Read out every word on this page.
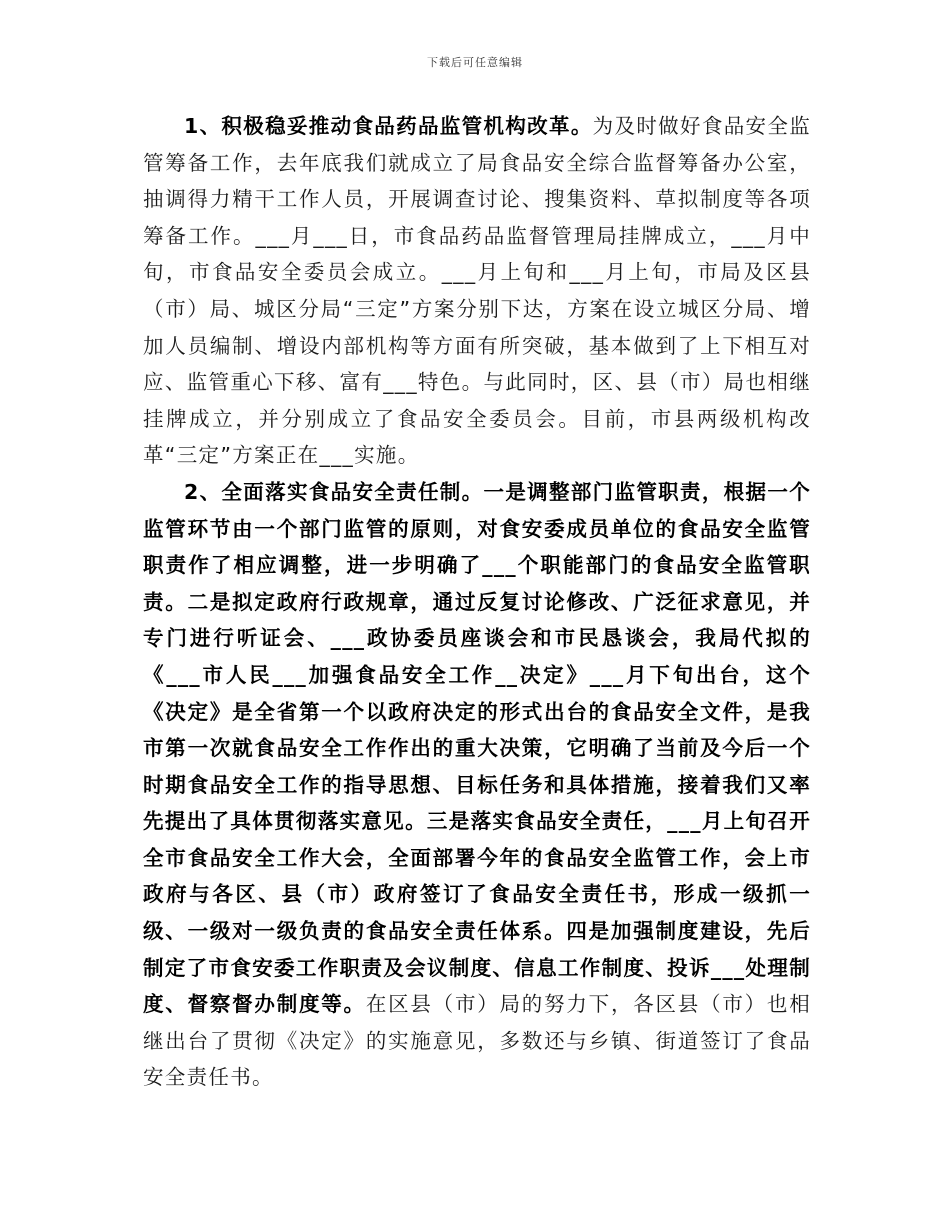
下载后可任意编辑

1、积极稳妥推动食品药品监管机构改革。为及时做好食品安全监管筹备工作，去年底我们就成立了局食品安全综合监督筹备办公室，抽调得力精干工作人员，开展调查讨论、搜集资料、草拟制度等各项筹备工作。___月___日，市食品药品监督管理局挂牌成立，___月中旬，市食品安全委员会成立。___月上旬和___月上旬，市局及区县（市）局、城区分局“三定”方案分别下达，方案在设立城区分局、增加人员编制、增设内部机构等方面有所突破，基本做到了上下相互对应、监管重心下移、富有___特色。与此同时，区、县（市）局也相继挂牌成立，并分别成立了食品安全委员会。目前，市县两级机构改革“三定”方案正在___实施。

2、全面落实食品安全责任制。一是调整部门监管职责，根据一个监管环节由一个部门监管的原则，对食安委成员单位的食品安全监管职责作了相应调整，进一步明确了___个职能部门的食品安全监管职责。二是拟定政府行政规章，通过反复讨论修改、广泛征求意见，并专门进行听证会、___政协委员座谈会和市民恳谈会，我局代拟的《___市人民___加强食品安全工作__决定》___月下旬出台，这个《决定》是全省第一个以政府决定的形式出台的食品安全文件，是我市第一次就食品安全工作作出的重大决策，它明确了当前及今后一个时期食品安全工作的指导思想、目标任务和具体措施，接着我们又率先提出了具体贯彻落实意见。三是落实食品安全责任，___月上旬召开全市食品安全工作大会，全面部署今年的食品安全监管工作，会上市政府与各区、县（市）政府签订了食品安全责任书，形成一级抓一级、一级对一级负责的食品安全责任体系。四是加强制度建设，先后制定了市食安委工作职责及会议制度、信息工作制度、投诉___处理制度、督察督办制度等。在区县（市）局的努力下，各区县（市）也相继出台了贯彻《决定》的实施意见，多数还与乡镇、街道签订了食品安全责任书。
